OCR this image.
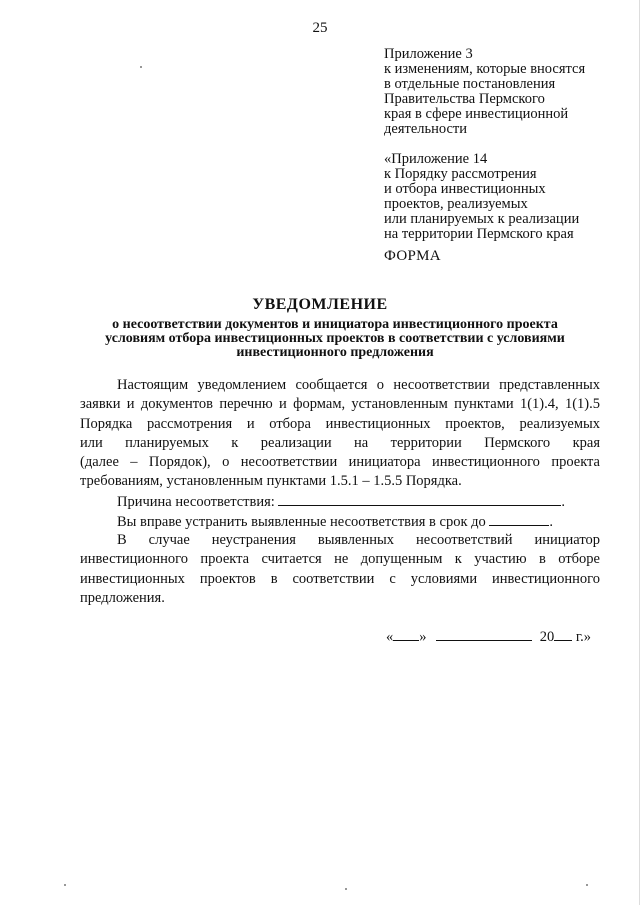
25
Приложение 3
к изменениям, которые вносятся
в отдельные постановления
Правительства Пермского
края в сфере инвестиционной
деятельности
«Приложение 14
к Порядку рассмотрения
и отбора инвестиционных
проектов, реализуемых
или планируемых к реализации
на территории Пермского края
ФОРМА
УВЕДОМЛЕНИЕ
о несоответствии документов и инициатора инвестиционного проекта
условиям отбора инвестиционных проектов в соответствии с условиями
инвестиционного предложения
Настоящим уведомлением сообщается о несоответствии представленных
заявки и документов перечню и формам, установленным пунктами 1(1).4, 1(1).5
Порядка рассмотрения и отбора инвестиционных проектов, реализуемых
или планируемых к реализации на территории Пермского края
(далее – Порядок), о несоответствии инициатора инвестиционного проекта
требованиям, установленным пунктами 1.5.1 – 1.5.5 Порядка.
Причина несоответствия:	.
Вы вправе устранить выявленные несоответствия в срок до	.
В случае неустранения выявленных несоответствий инициатор
инвестиционного проекта считается не допущенным к участию в отборе
инвестиционных проектов в соответствии с условиями инвестиционного
предложения.
« »	20 г.»
